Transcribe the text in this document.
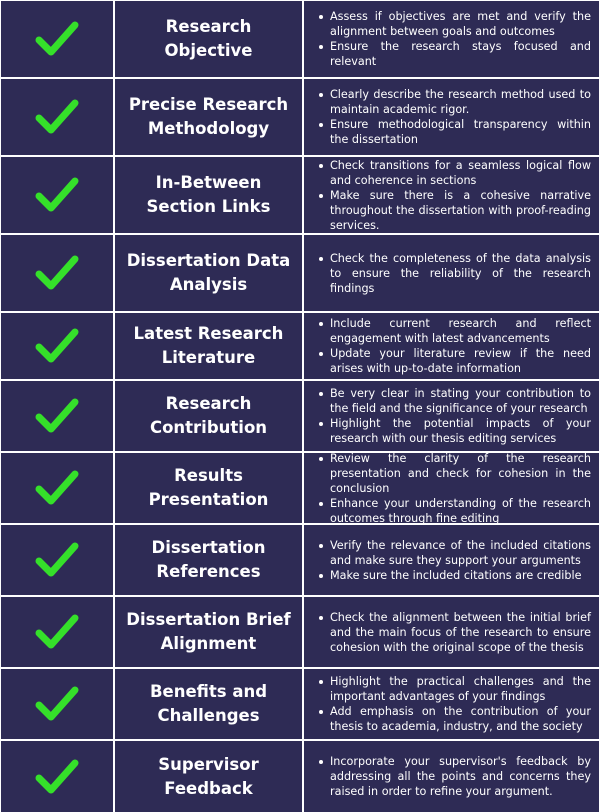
Research Objective
Assess if objectives are met and verify the alignment between goals and outcomes
Ensure the research stays focused and relevant
Precise Research Methodology
Clearly describe the research method used to maintain academic rigor.
Ensure methodological transparency within the dissertation
In-Between Section Links
Check transitions for a seamless logical flow and coherence in sections
Make sure there is a cohesive narrative throughout the dissertation with proof-reading services.
Dissertation Data Analysis
Check the completeness of the data analysis to ensure the reliability of the research findings
Latest Research Literature
Include current research and reflect engagement with latest advancements
Update your literature review if the need arises with up-to-date information
Research Contribution
Be very clear in stating your contribution to the field and the significance of your research
Highlight the potential impacts of your research with our thesis editing services
Results Presentation
Review the clarity of the research presentation and check for cohesion in the conclusion
Enhance your understanding of the research outcomes through fine editing
Dissertation References
Verify the relevance of the included citations and make sure they support your arguments
Make sure the included citations are credible
Dissertation Brief Alignment
Check the alignment between the initial brief and the main focus of the research to ensure cohesion with the original scope of the thesis
Benefits and Challenges
Highlight the practical challenges and the important advantages of your findings
Add emphasis on the contribution of your thesis to academia, industry, and the society
Supervisor Feedback
Incorporate your supervisor's feedback by addressing all the points and concerns they raised in order to refine your argument.
